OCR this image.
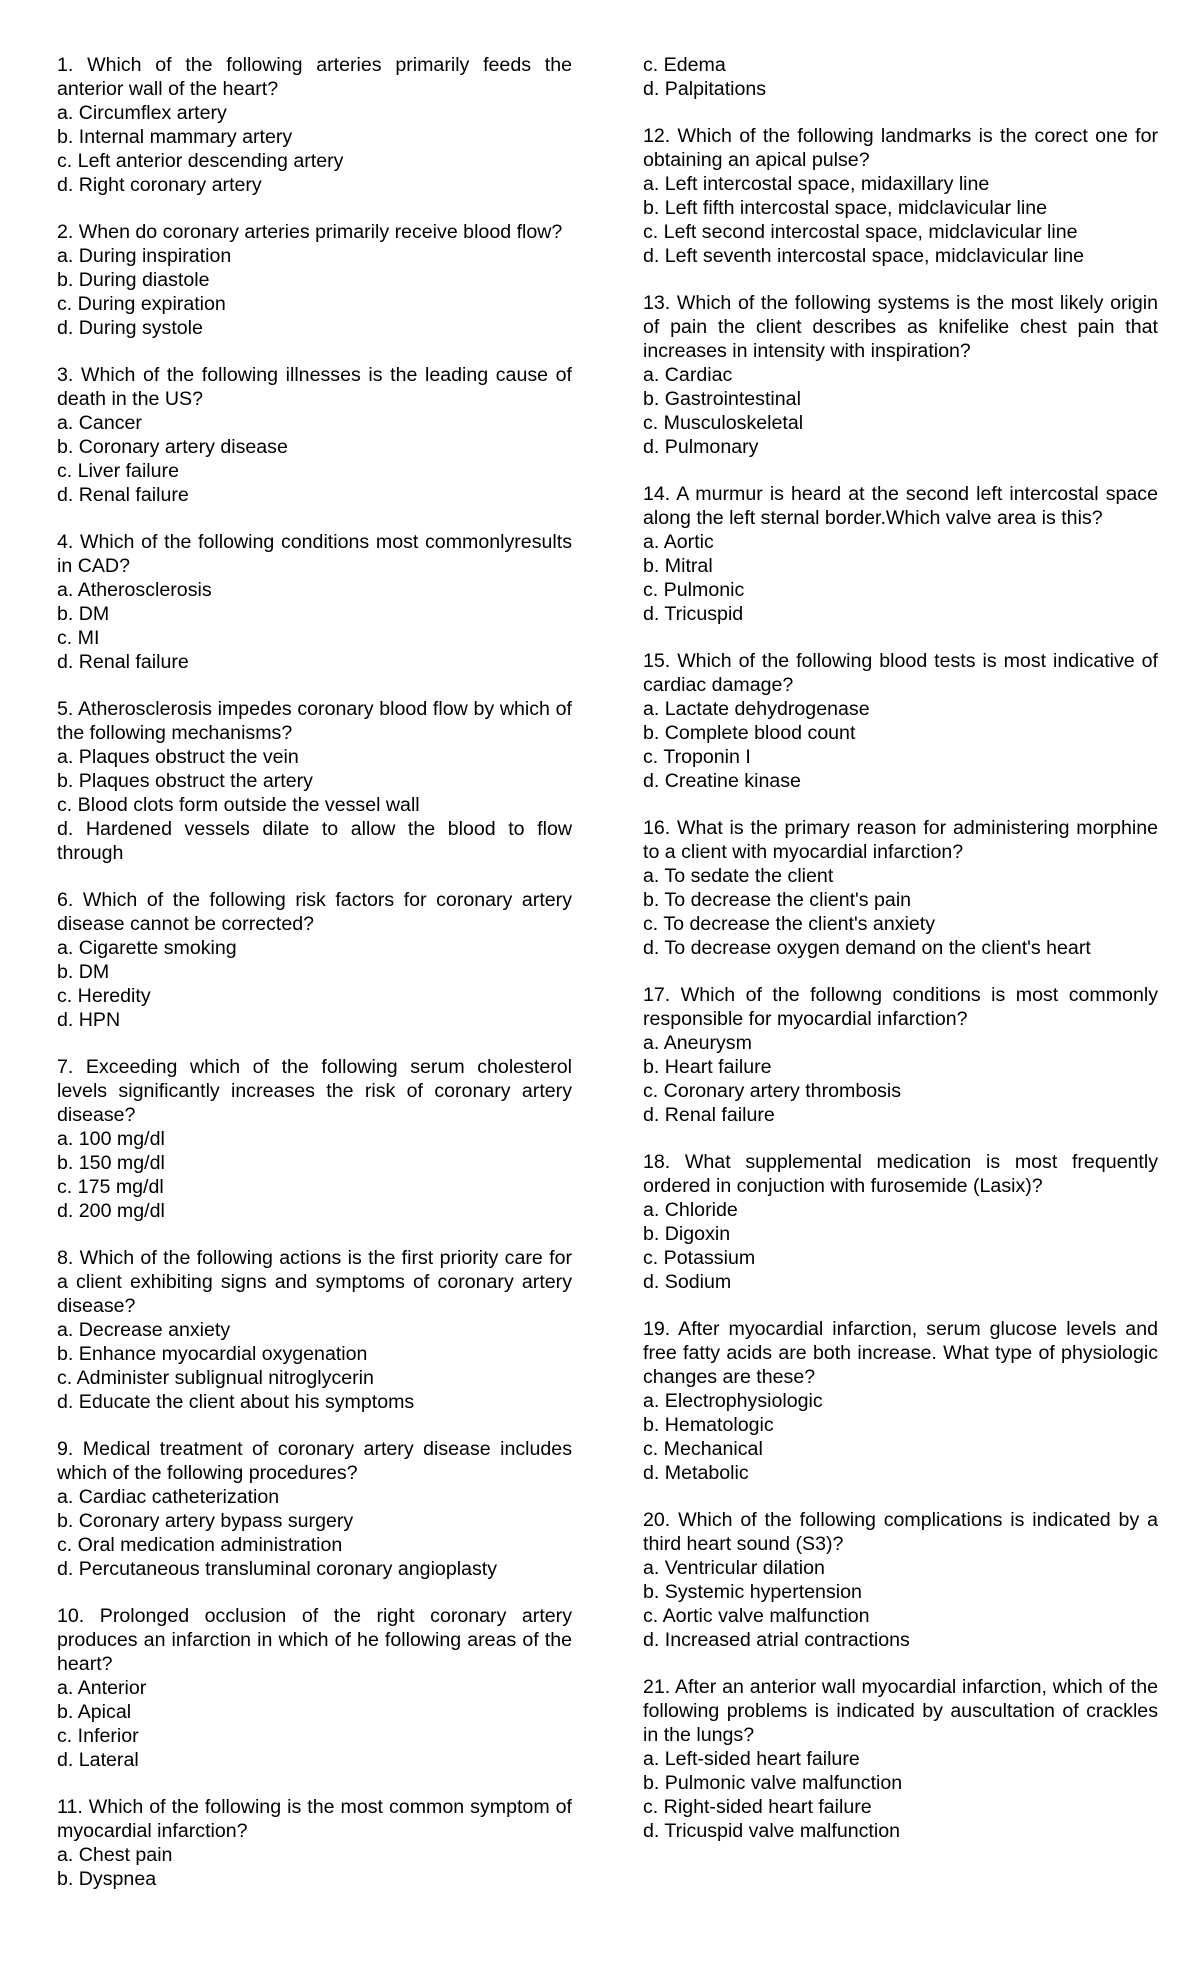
1. Which of the following arteries primarily feeds the anterior wall of the heart?

a. Circumflex artery

b. Internal mammary artery

c. Left anterior descending artery

d. Right coronary artery

2. When do coronary arteries primarily receive blood flow?

a. During inspiration

b. During diastole

c. During expiration

d. During systole

3. Which of the following illnesses is the leading cause of death in the US?

a. Cancer

b. Coronary artery disease

c. Liver failure

d. Renal failure

4. Which of the following conditions most commonlyresults in CAD?

a. Atherosclerosis

b. DM

c. MI

d. Renal failure

5. Atherosclerosis impedes coronary blood flow by which of the following mechanisms?

a. Plaques obstruct the vein

b. Plaques obstruct the artery

c. Blood clots form outside the vessel wall

d. Hardened vessels dilate to allow the blood to flow through

6. Which of the following risk factors for coronary artery disease cannot be corrected?

a. Cigarette smoking

b. DM

c. Heredity

d. HPN

7. Exceeding which of the following serum cholesterol levels significantly increases the risk of coronary artery disease?

a. 100 mg/dl

b. 150 mg/dl

c. 175 mg/dl

d. 200 mg/dl

8. Which of the following actions is the first priority care for a client exhibiting signs and symptoms of coronary artery disease?

a. Decrease anxiety

b. Enhance myocardial oxygenation

c. Administer sublignual nitroglycerin

d. Educate the client about his symptoms

9. Medical treatment of coronary artery disease includes which of the following procedures?

a. Cardiac catheterization

b. Coronary artery bypass surgery

c. Oral medication administration

d. Percutaneous transluminal coronary angioplasty

10. Prolonged occlusion of the right coronary artery produces an infarction in which of he following areas of the heart?

a. Anterior

b. Apical

c. Inferior

d. Lateral

11. Which of the following is the most common symptom of myocardial infarction?

a. Chest pain

b. Dyspnea

c. Edema

d. Palpitations

12. Which of the following landmarks is the corect one for obtaining an apical pulse?

a. Left intercostal space, midaxillary line

b. Left fifth intercostal space, midclavicular line

c. Left second intercostal space, midclavicular line

d. Left seventh intercostal space, midclavicular line

13. Which of the following systems is the most likely origin of pain the client describes as knifelike chest pain that increases in intensity with inspiration?

a. Cardiac

b. Gastrointestinal

c. Musculoskeletal

d. Pulmonary

14. A murmur is heard at the second left intercostal space along the left sternal border.Which valve area is this?

a. Aortic

b. Mitral

c. Pulmonic

d. Tricuspid

15. Which of the following blood tests is most indicative of cardiac damage?

a. Lactate dehydrogenase

b. Complete blood count

c. Troponin I

d. Creatine kinase

16. What is the primary reason for administering morphine to a client with myocardial infarction?

a. To sedate the client

b. To decrease the client's pain

c. To decrease the client's anxiety

d. To decrease oxygen demand on the client's heart

17. Which of the followng conditions is most commonly responsible for myocardial infarction?

a. Aneurysm

b. Heart failure

c. Coronary artery thrombosis

d. Renal failure

18. What supplemental medication is most frequently ordered in conjuction with furosemide (Lasix)?

a. Chloride

b. Digoxin

c. Potassium

d. Sodium

19. After myocardial infarction, serum glucose levels and free fatty acids are both increase. What type of physiologic changes are these?

a. Electrophysiologic

b. Hematologic

c. Mechanical

d. Metabolic

20. Which of the following complications is indicated by a third heart sound (S3)?

a. Ventricular dilation

b. Systemic hypertension

c. Aortic valve malfunction

d. Increased atrial contractions

21. After an anterior wall myocardial infarction, which of the following problems is indicated by auscultation of crackles in the lungs?

a. Left-sided heart failure

b. Pulmonic valve malfunction

c. Right-sided heart failure

d. Tricuspid valve malfunction
